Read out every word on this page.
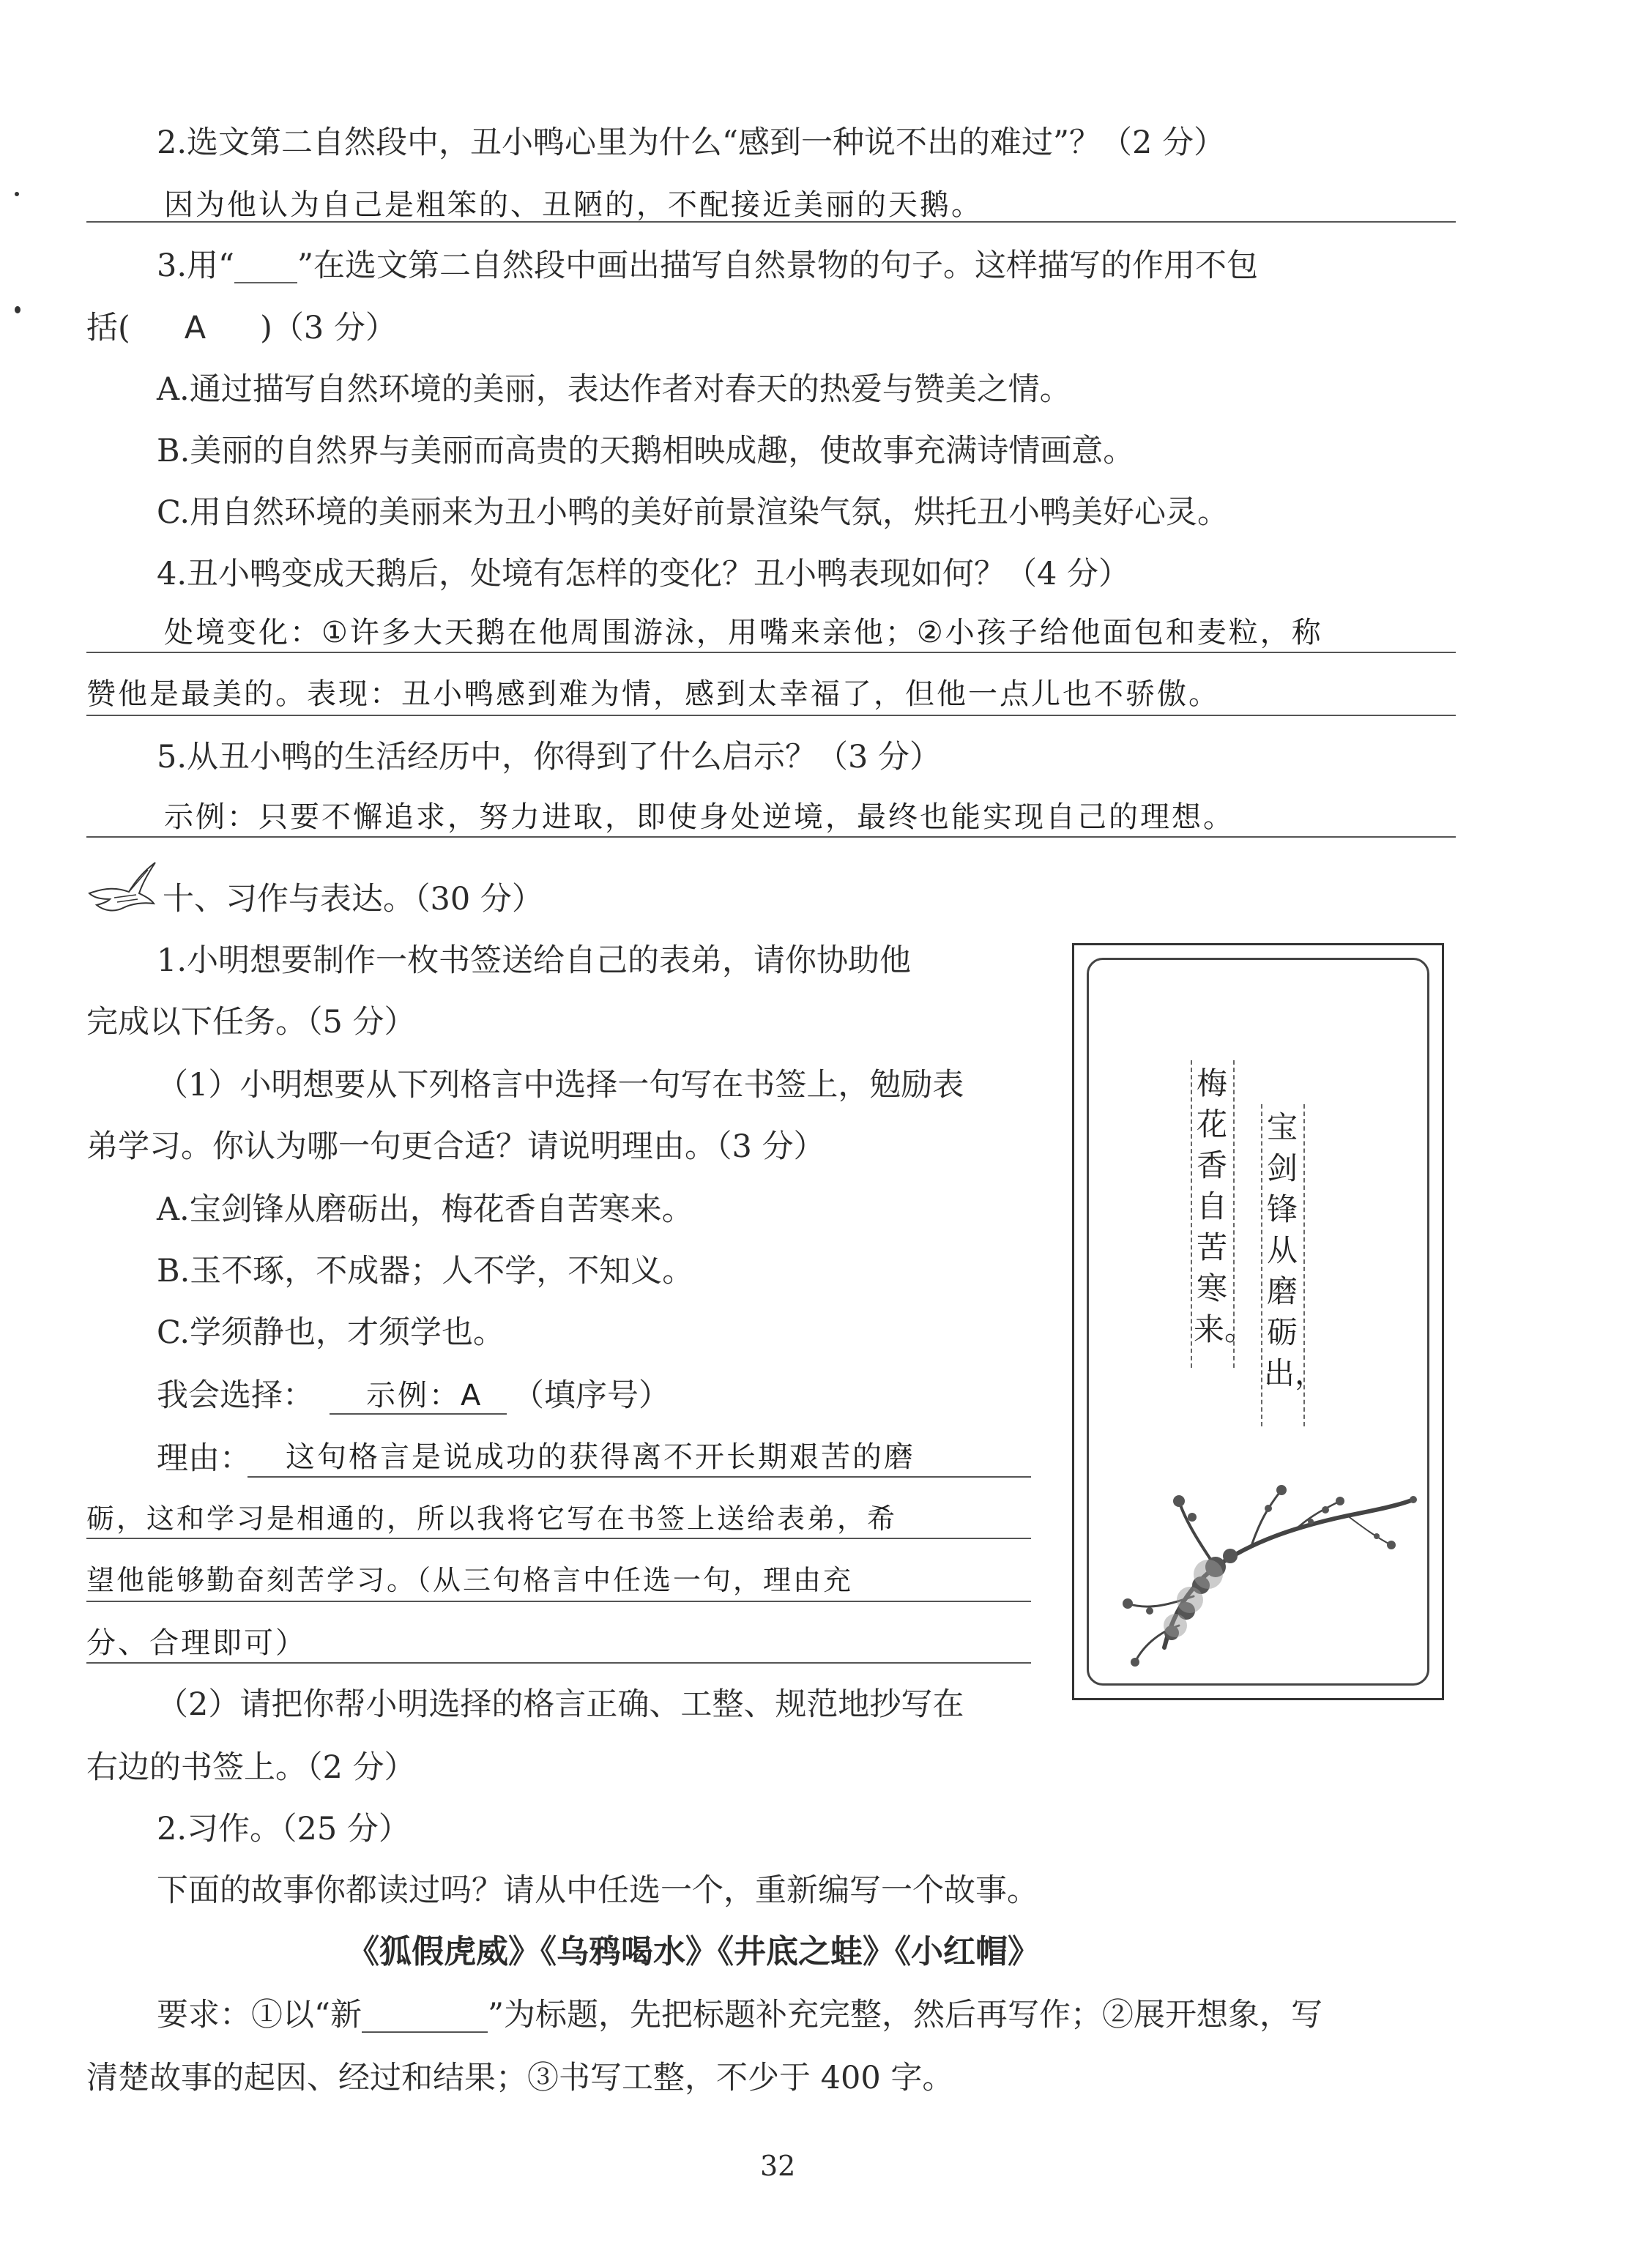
2.选文第二自然段中，丑小鸭心里为什么“感到一种说不出的难过”？（2 分）
因为他认为自己是粗笨的、丑陋的，不配接近美丽的天鹅。
3.用“____”在选文第二自然段中画出描写自然景物的句子。这样描写的作用不包
括( A )（3 分）
A.通过描写自然环境的美丽，表达作者对春天的热爱与赞美之情。
B.美丽的自然界与美丽而高贵的天鹅相映成趣，使故事充满诗情画意。
C.用自然环境的美丽来为丑小鸭的美好前景渲染气氛，烘托丑小鸭美好心灵。
4.丑小鸭变成天鹅后，处境有怎样的变化？丑小鸭表现如何？（4 分）
处境变化：①许多大天鹅在他周围游泳，用嘴来亲他；②小孩子给他面包和麦粒，称
赞他是最美的。表现：丑小鸭感到难为情，感到太幸福了，但他一点儿也不骄傲。
5.从丑小鸭的生活经历中，你得到了什么启示？（3 分）
示例：只要不懈追求，努力进取，即使身处逆境，最终也能实现自己的理想。
十、习作与表达。（30 分）
1.小明想要制作一枚书签送给自己的表弟，请你协助他
完成以下任务。（5 分）
（1）小明想要从下列格言中选择一句写在书签上，勉励表
弟学习。你认为哪一句更合适？请说明理由。（3 分）
A.宝剑锋从磨砺出，梅花香自苦寒来。
B.玉不琢，不成器；人不学，不知义。
C.学须静也，才须学也。
我会选择： 示例：A （填序号）
理由： 这句格言是说成功的获得离不开长期艰苦的磨
砺，这和学习是相通的，所以我将它写在书签上送给表弟，希
望他能够勤奋刻苦学习。（从三句格言中任选一句，理由充
分、合理即可）
（2）请把你帮小明选择的格言正确、工整、规范地抄写在
右边的书签上。（2 分）
梅花香自苦寒来。
宝剑锋从磨砺出，
2.习作。（25 分）
下面的故事你都读过吗？请从中任选一个，重新编写一个故事。
《狐假虎威》《乌鸦喝水》《井底之蛙》《小红帽》
要求：①以“新________”为标题，先把标题补充完整，然后再写作；②展开想象，写
清楚故事的起因、经过和结果；③书写工整，不少于 400 字。
32
